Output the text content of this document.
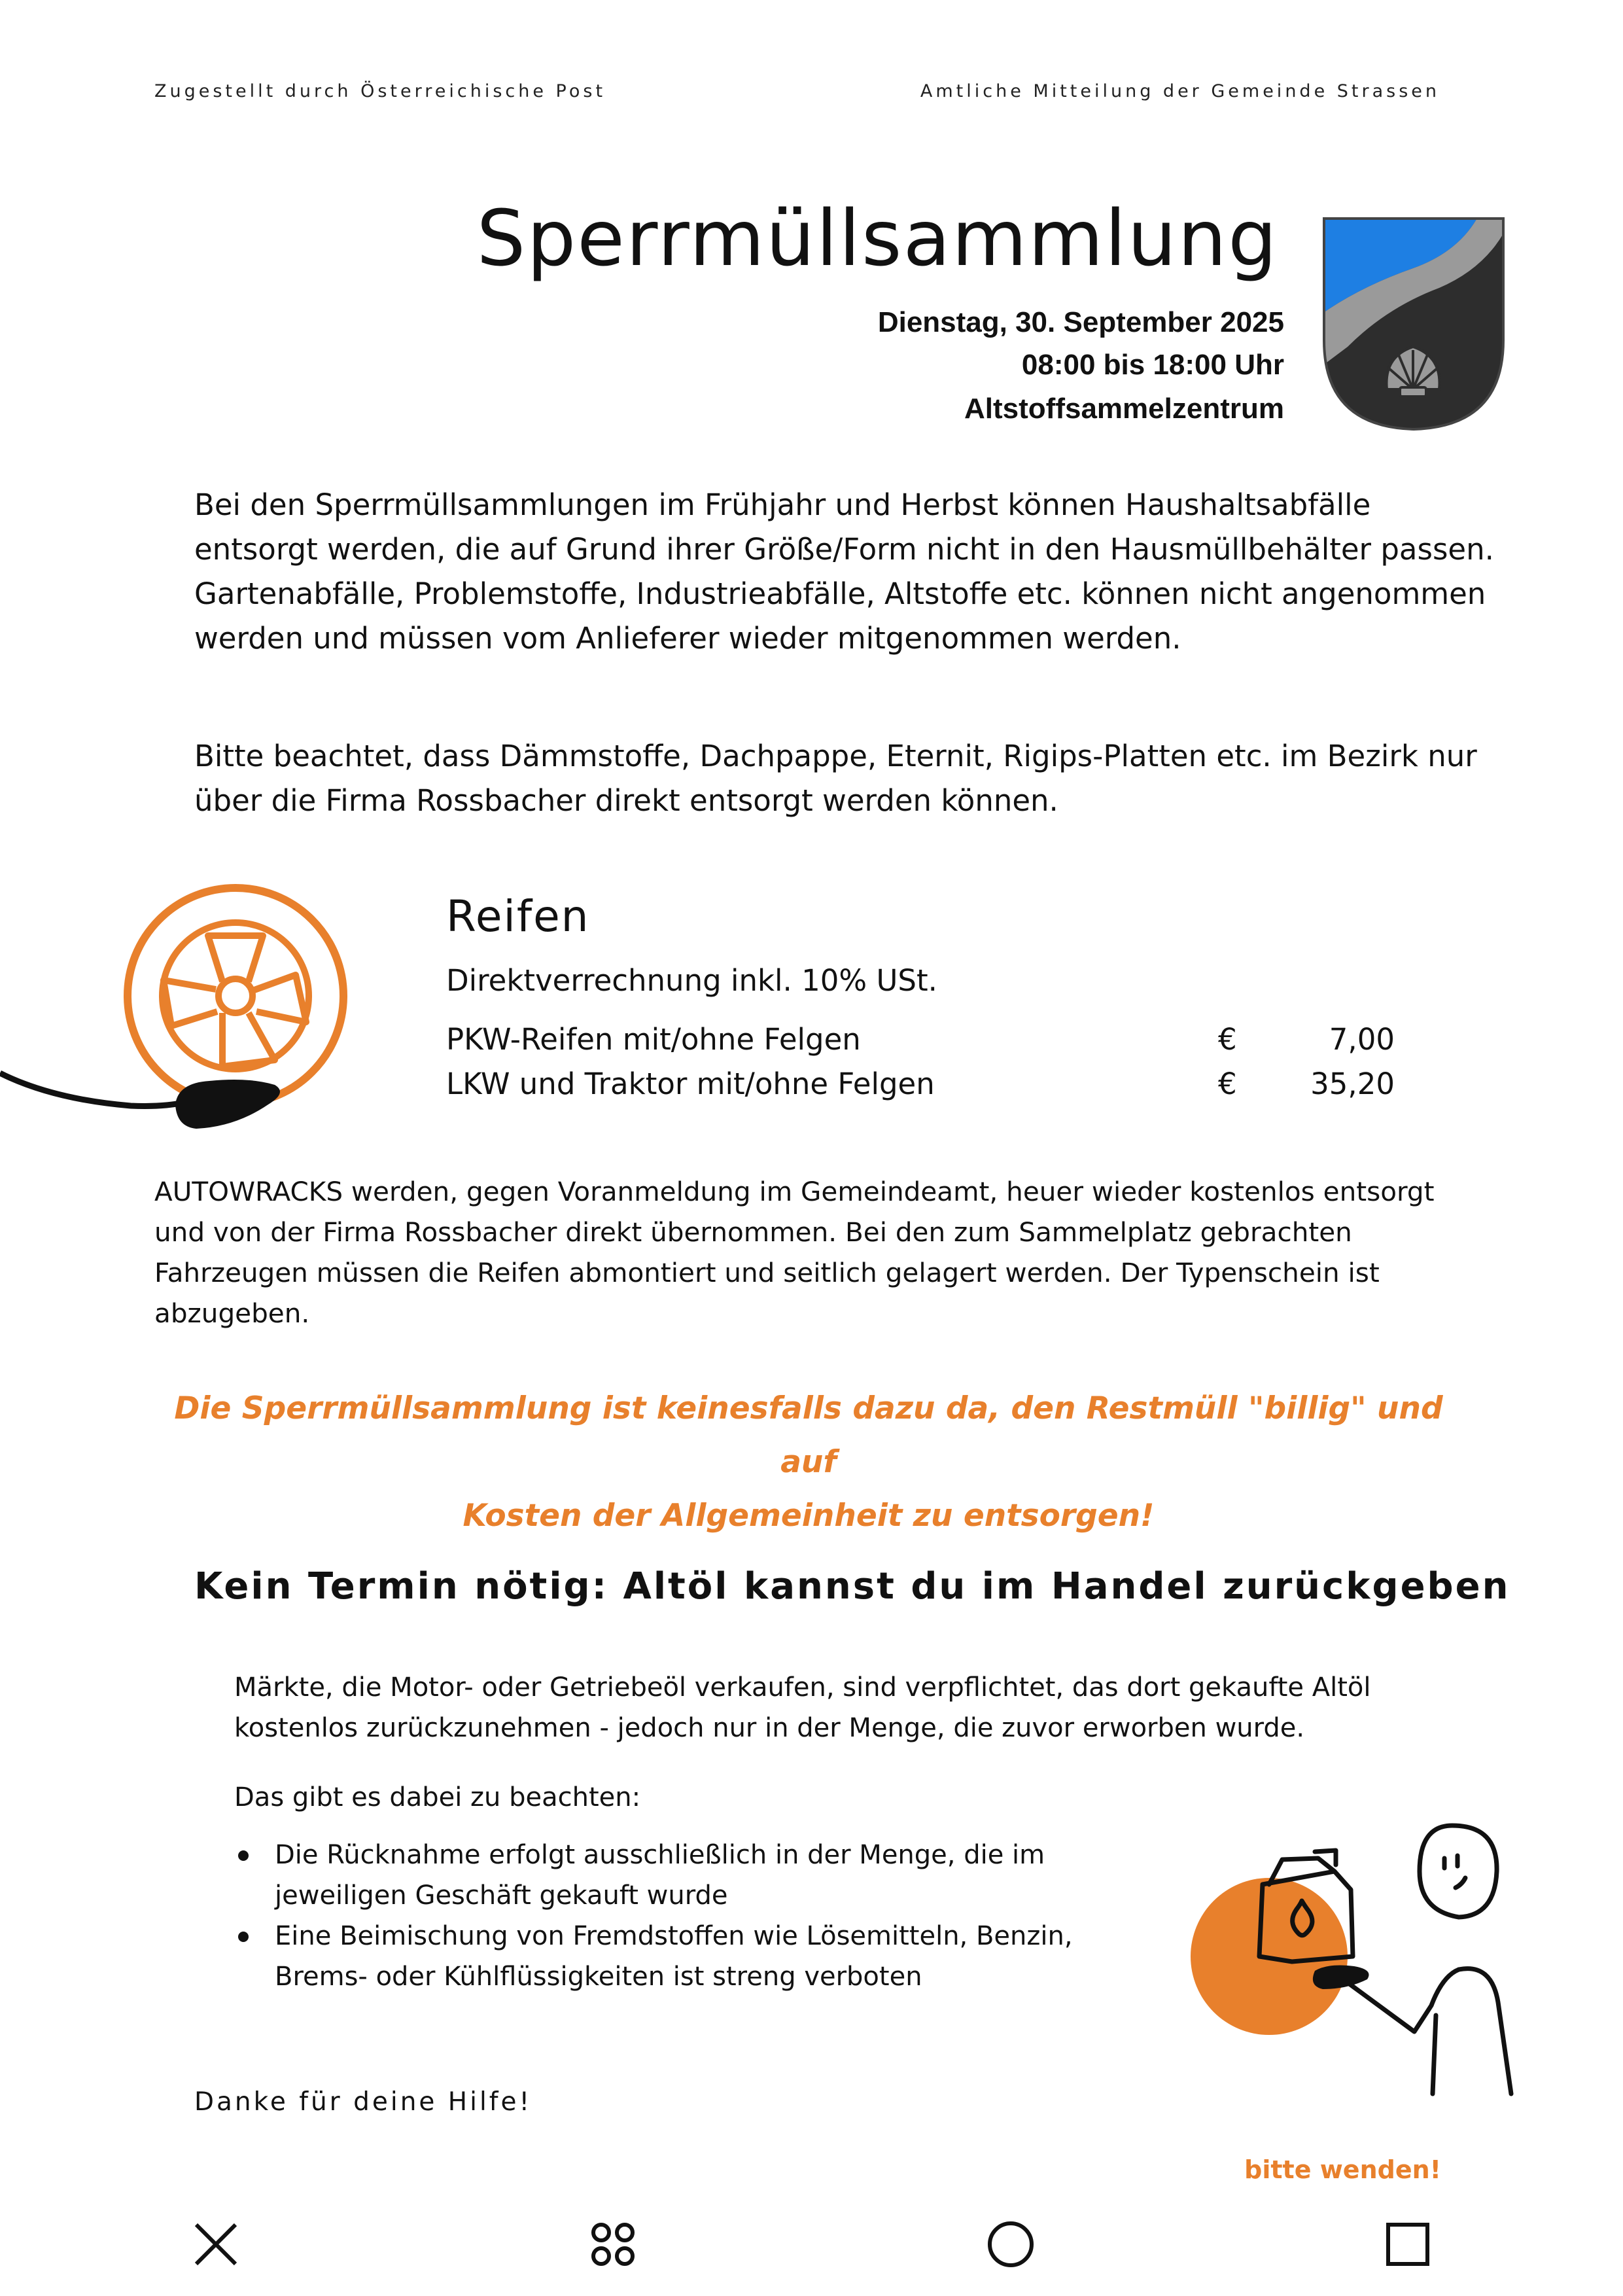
Zugestellt durch Österreichische Post	Amtliche Mitteilung der Gemeinde Strassen
Sperrmüllsammlung
Dienstag, 30. September 2025
08:00 bis 18:00 Uhr
Altstoffsammelzentrum

Bei den Sperrmüllsammlungen im Frühjahr und Herbst können Haushaltsabfälle entsorgt werden, die auf Grund ihrer Größe/Form nicht in den Hausmüllbehälter passen. Gartenabfälle, Problemstoffe, Industrieabfälle, Altstoffe etc. können nicht angenommen werden und müssen vom Anlieferer wieder mitgenommen werden.

Bitte beachtet, dass Dämmstoffe, Dachpappe, Eternit, Rigips-Platten etc. im Bezirk nur über die Firma Rossbacher direkt entsorgt werden können.

Reifen
Direktverrechnung inkl. 10% USt.
PKW-Reifen mit/ohne Felgen	€	7,00
LKW und Traktor mit/ohne Felgen	€	35,20

AUTOWRACKS werden, gegen Voranmeldung im Gemeindeamt, heuer wieder kostenlos entsorgt und von der Firma Rossbacher direkt übernommen. Bei den zum Sammelplatz gebrachten Fahrzeugen müssen die Reifen abmontiert und seitlich gelagert werden. Der Typenschein ist abzugeben.

Die Sperrmüllsammlung ist keinesfalls dazu da, den Restmüll "billig" und auf
Kosten der Allgemeinheit zu entsorgen!
Kein Termin nötig: Altöl kannst du im Handel zurückgeben

Märkte, die Motor- oder Getriebeöl verkaufen, sind verpflichtet, das dort gekaufte Altöl kostenlos zurückzunehmen - jedoch nur in der Menge, die zuvor erworben wurde.

Das gibt es dabei zu beachten:

Die Rücknahme erfolgt ausschließlich in der Menge, die im jeweiligen Geschäft gekauft wurde
Eine Beimischung von Fremdstoffen wie Lösemitteln, Benzin, Brems- oder Kühlflüssigkeiten ist streng verboten
Danke für deine Hilfe!
bitte wenden!
